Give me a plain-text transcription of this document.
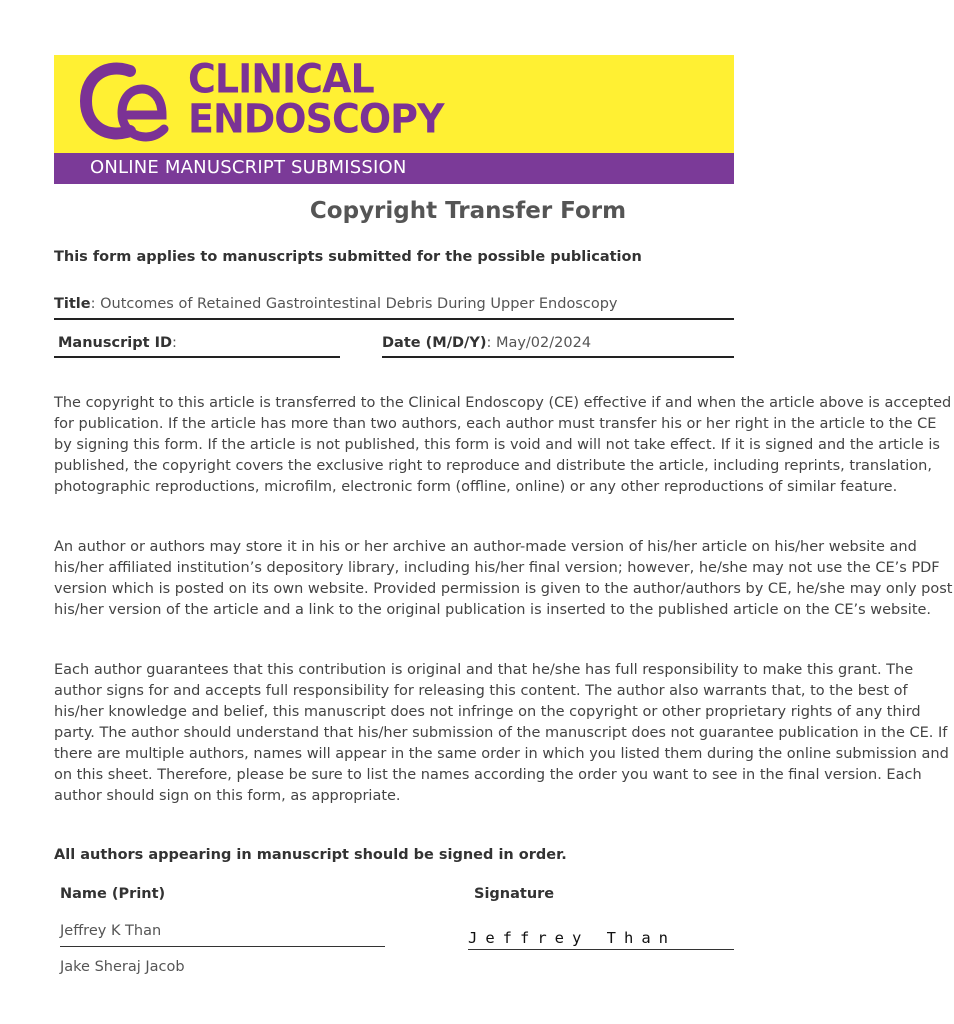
CLINICAL
ENDOSCOPY
ONLINE MANUSCRIPT SUBMISSION
Copyright Transfer Form
This form applies to manuscripts submitted for the possible publication
Title: Outcomes of Retained Gastrointestinal Debris During Upper Endoscopy
Manuscript ID:	Date (M/D/Y): May/02/2024

The copyright to this article is transferred to the Clinical Endoscopy (CE) effective if and when the article above is accepted for publication. If the article has more than two authors, each author must transfer his or her right in the article to the CE by signing this form. If the article is not published, this form is void and will not take effect. If it is signed and the article is published, the copyright covers the exclusive right to reproduce and distribute the article, including reprints, translation, photographic reproductions, microfilm, electronic form (offline, online) or any other reproductions of similar feature.

An author or authors may store it in his or her archive an author-made version of his/her article on his/her website and his/her affiliated institution’s depository library, including his/her final version; however, he/she may not use the CE’s PDF version which is posted on its own website. Provided permission is given to the author/authors by CE, he/she may only post his/her version of the article and a link to the original publication is inserted to the published article on the CE’s website.

Each author guarantees that this contribution is original and that he/she has full responsibility to make this grant. The author signs for and accepts full responsibility for releasing this content. The author also warrants that, to the best of his/her knowledge and belief, this manuscript does not infringe on the copyright or other proprietary rights of any third party. The author should understand that his/her submission of the manuscript does not guarantee publication in the CE. If there are multiple authors, names will appear in the same order in which you listed them during the online submission and on this sheet. Therefore, please be sure to list the names according the order you want to see in the final version. Each author should sign on this form, as appropriate.

All authors appearing in manuscript should be signed in order.
Name (Print)	Signature
Jeffrey K Than	Jeffrey Than
Jake Sheraj Jacob
